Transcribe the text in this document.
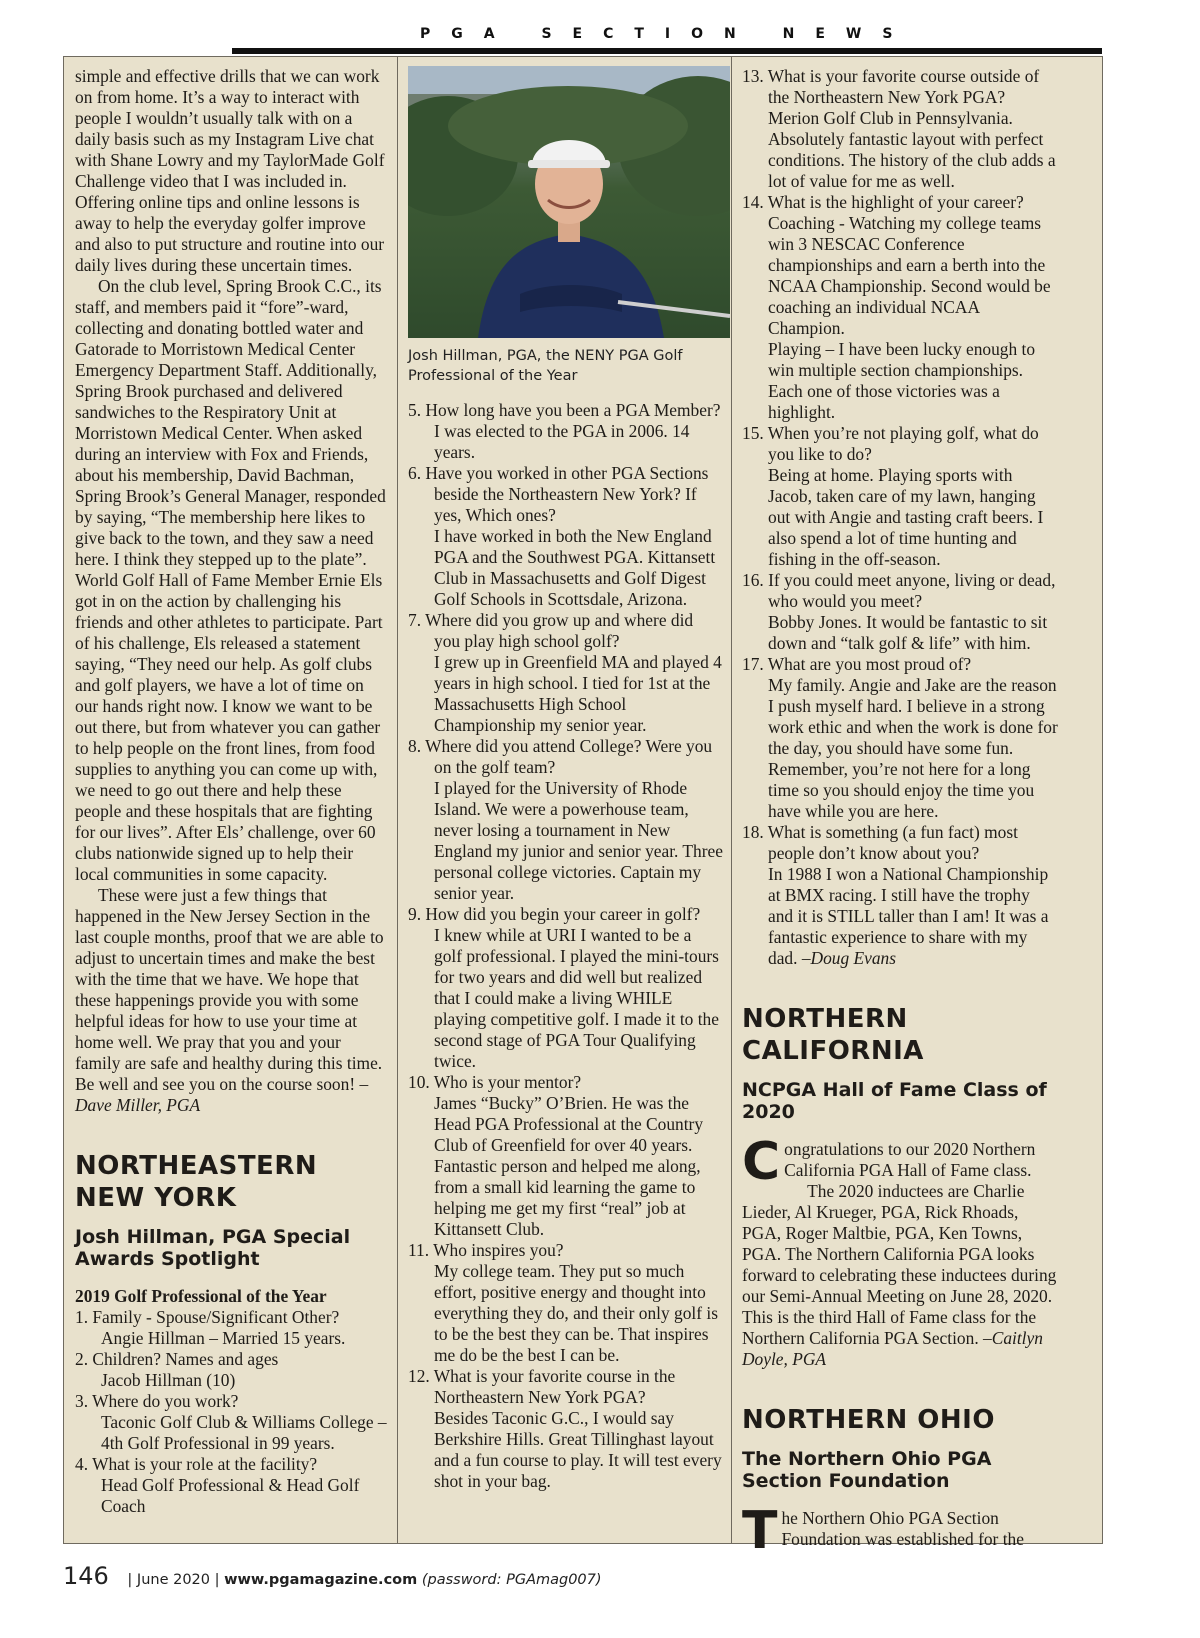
PGA SECTION NEWS

simple and effective drills that we can work on from home. It’s a way to interact with people I wouldn’t usually talk with on a daily basis such as my Instagram Live chat with Shane Lowry and my TaylorMade Golf Challenge video that I was included in. Offering online tips and online lessons is away to help the everyday golfer improve and also to put structure and routine into our daily lives during these uncertain times.

On the club level, Spring Brook C.C., its staff, and members paid it “fore”-ward, collecting and donating bottled water and Gatorade to Morristown Medical Center Emergency Department Staff. Additionally, Spring Brook purchased and delivered sandwiches to the Respiratory Unit at Morristown Medical Center. When asked during an interview with Fox and Friends, about his membership, David Bachman, Spring Brook’s General Manager, responded by saying, “The membership here likes to give back to the town, and they saw a need here. I think they stepped up to the plate”. World Golf Hall of Fame Member Ernie Els got in on the action by challenging his friends and other athletes to participate. Part of his challenge, Els released a statement saying, “They need our help. As golf clubs and golf players, we have a lot of time on our hands right now. I know we want to be out there, but from whatever you can gather to help people on the front lines, from food supplies to anything you can come up with, we need to go out there and help these people and these hospitals that are fighting for our lives”. After Els’ challenge, over 60 clubs nationwide signed up to help their local communities in some capacity.

These were just a few things that happened in the New Jersey Section in the last couple months, proof that we are able to adjust to uncertain times and make the best with the time that we have. We hope that these happenings provide you with some helpful ideas for how to use your time at home well. We pray that you and your family are safe and healthy during this time. Be well and see you on the course soon! –Dave Miller, PGA

NORTHEASTERN NEW YORK
Josh Hillman, PGA Special Awards Spotlight

2019 Golf Professional of the Year

1. Family - Spouse/Significant Other?

Angie Hillman – Married 15 years.

2. Children? Names and ages

Jacob Hillman (10)

3. Where do you work?

Taconic Golf Club & Williams College – 4th Golf Professional in 99 years.

4. What is your role at the facility?

Head Golf Professional & Head Golf Coach

Josh Hillman, PGA, the NENY PGA Golf Professional of the Year

5. How long have you been a PGA Member?

I was elected to the PGA in 2006. 14 years.

6. Have you worked in other PGA Sections beside the Northeastern New York? If yes, Which ones?

I have worked in both the New England PGA and the Southwest PGA. Kittansett Club in Massachusetts and Golf Digest Golf Schools in Scottsdale, Arizona.

7. Where did you grow up and where did you play high school golf?

I grew up in Greenfield MA and played 4 years in high school. I tied for 1st at the Massachusetts High School Championship my senior year.

8. Where did you attend College? Were you on the golf team?

I played for the University of Rhode Island. We were a powerhouse team, never losing a tournament in New England my junior and senior year. Three personal college victories. Captain my senior year.

9. How did you begin your career in golf?

I knew while at URI I wanted to be a golf professional. I played the mini-tours for two years and did well but realized that I could make a living WHILE playing competitive golf. I made it to the second stage of PGA Tour Qualifying twice.

10. Who is your mentor?

James “Bucky” O’Brien. He was the Head PGA Professional at the Country Club of Greenfield for over 40 years. Fantastic person and helped me along, from a small kid learning the game to helping me get my first “real” job at Kittansett Club.

11. Who inspires you?

My college team. They put so much effort, positive energy and thought into everything they do, and their only golf is to be the best they can be. That inspires me do be the best I can be.

12. What is your favorite course in the Northeastern New York PGA?

Besides Taconic G.C., I would say Berkshire Hills. Great Tillinghast layout and a fun course to play. It will test every shot in your bag.

13. What is your favorite course outside of the Northeastern New York PGA?

Merion Golf Club in Pennsylvania. Absolutely fantastic layout with perfect conditions. The history of the club adds a lot of value for me as well.

14. What is the highlight of your career?

Coaching - Watching my college teams win 3 NESCAC Conference championships and earn a berth into the NCAA Championship. Second would be coaching an individual NCAA Champion.

Playing – I have been lucky enough to win multiple section championships. Each one of those victories was a highlight.

15. When you’re not playing golf, what do you like to do?

Being at home. Playing sports with Jacob, taken care of my lawn, hanging out with Angie and tasting craft beers. I also spend a lot of time hunting and fishing in the off-season.

16. If you could meet anyone, living or dead, who would you meet?

Bobby Jones. It would be fantastic to sit down and “talk golf & life” with him.

17. What are you most proud of?

My family. Angie and Jake are the reason I push myself hard. I believe in a strong work ethic and when the work is done for the day, you should have some fun. Remember, you’re not here for a long time so you should enjoy the time you have while you are here.

18. What is something (a fun fact) most people don’t know about you?

In 1988 I won a National Championship at BMX racing. I still have the trophy and it is STILL taller than I am! It was a fantastic experience to share with my dad. –Doug Evans

NORTHERN CALIFORNIA
NCPGA Hall of Fame Class of 2020

Congratulations to our 2020 Northern California PGA Hall of Fame class.

The 2020 inductees are Charlie Lieder, Al Krueger, PGA, Rick Rhoads, PGA, Roger Maltbie, PGA, Ken Towns, PGA. The Northern California PGA looks forward to celebrating these inductees during our Semi-Annual Meeting on June 28, 2020. This is the third Hall of Fame class for the Northern California PGA Section. –Caitlyn Doyle, PGA

NORTHERN OHIO
The Northern Ohio PGA Section Foundation

The Northern Ohio PGA Section Foundation was established for the

146 | June 2020 | www.pgamagazine.com (password: PGAmag007)
